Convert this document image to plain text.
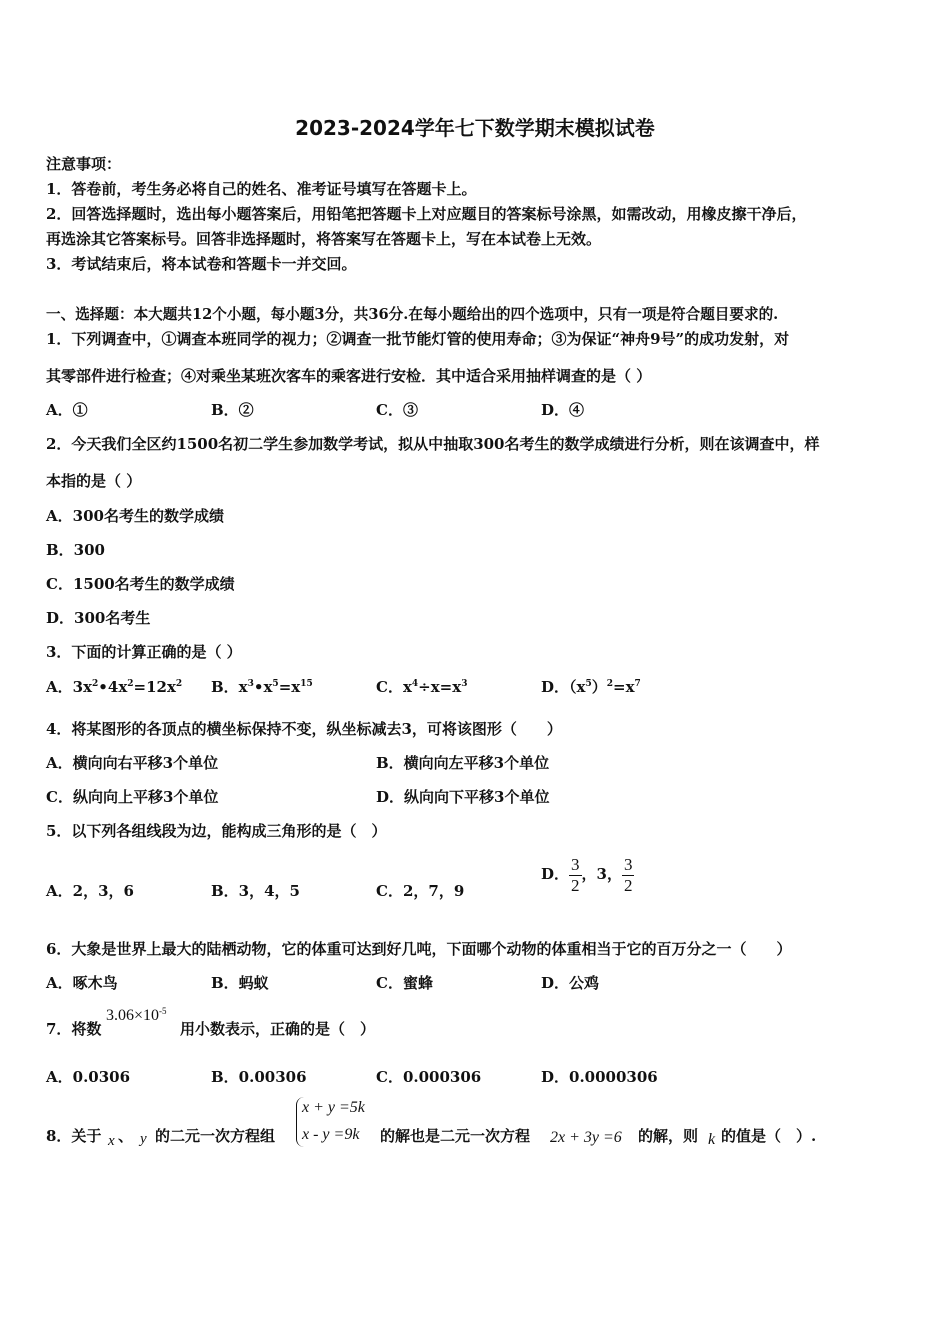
2023-2024学年七下数学期末模拟试卷
注意事项：
1．答卷前，考生务必将自己的姓名、准考证号填写在答题卡上。
2．回答选择题时，选出每小题答案后，用铅笔把答题卡上对应题目的答案标号涂黑，如需改动，用橡皮擦干净后，
再选涂其它答案标号。回答非选择题时，将答案写在答题卡上，写在本试卷上无效。
3．考试结束后，将本试卷和答题卡一并交回。
一、选择题：本大题共12个小题，每小题3分，共36分.在每小题给出的四个选项中，只有一项是符合题目要求的.
1．下列调查中，①调查本班同学的视力；②调查一批节能灯管的使用寿命；③为保证“神舟9号”的成功发射，对
其零部件进行检查；④对乘坐某班次客车的乘客进行安检．其中适合采用抽样调查的是（ ）
A．①	B．②	C．③	D．④
2．今天我们全区约1500名初二学生参加数学考试，拟从中抽取300名考生的数学成绩进行分析，则在该调查中，样
本指的是（ ）
A．300名考生的数学成绩
B．300
C．1500名考生的数学成绩
D．300名考生
3．下面的计算正确的是（ ）
A．$3x^2•4x^2=12x^2$ B．$x^3•x^5=x^{15}$	C．$x^4\div x=x^3$	D．$(x^5)^2=x^7$
4．将某图形的各顶点的横坐标保持不变，纵坐标减去3，可将该图形（　　）
A．横向向右平移3个单位	B．横向向左平移3个单位
C．纵向向上平移3个单位	D．纵向向下平移3个单位
5．以下列各组线段为边，能构成三角形的是（　）
A．2，3，6	B．3，4，5	C．2，7，9
D． $\frac{3}{2}$ ，3， $\frac{3}{2}$
6．大象是世界上最大的陆栖动物，它的体重可达到好几吨，下面哪个动物的体重相当于它的百万分之一（　　）
A．啄木鸟	B．蚂蚁	C．蜜蜂	D．公鸡
7．将数
$3.06\times 10^{-5}$
用小数表示，正确的是（　）
A．0.0306	B．0.00306	C．0.000306	D．0.0000306
8．关于 x 、 y 的二元一次方程组
x + y =5k
x - y =9k 的解也是二元一次方程 2x + 3y =6 的解，则 k 的值是（　）.
